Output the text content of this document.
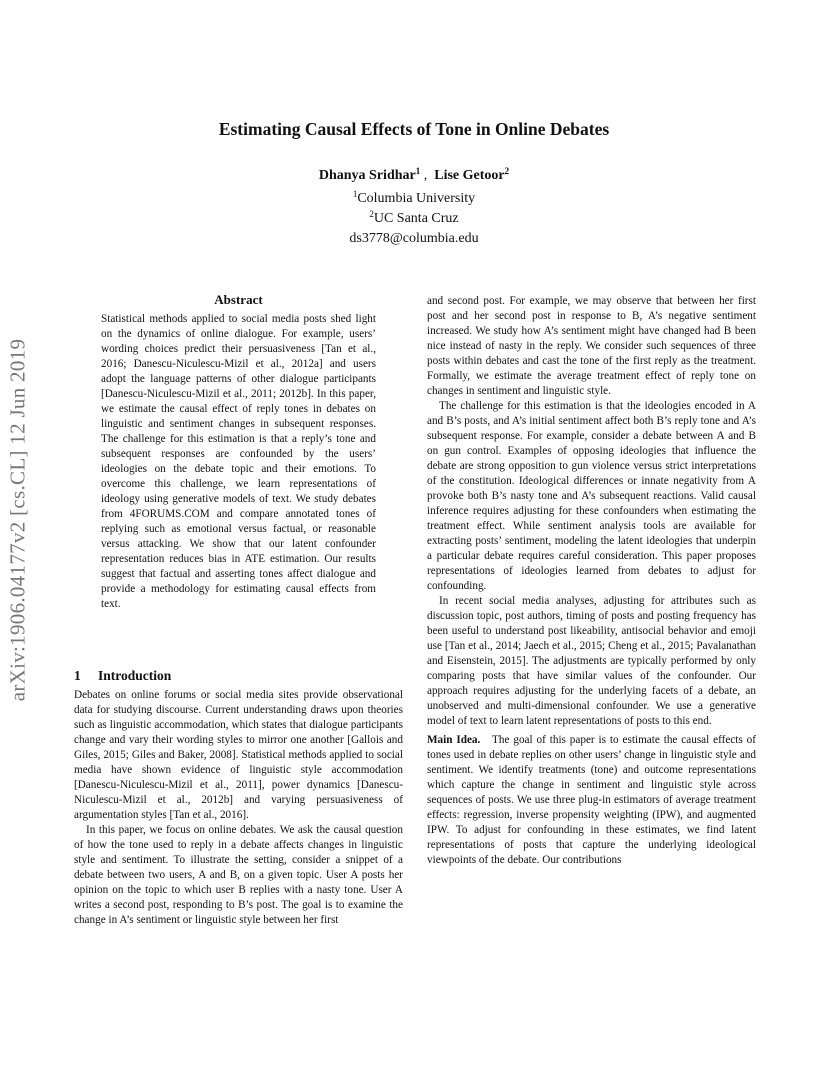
arXiv:1906.04177v2 [cs.CL] 12 Jun 2019
Estimating Causal Effects of Tone in Online Debates
Dhanya Sridhar$^1$ ,  Lise Getoor$^2$
$^1$Columbia University
$^2$UC Santa Cruz
ds3778@columbia.edu
Abstract

Statistical methods applied to social media posts shed light on the dynamics of online dialogue. For example, users’ wording choices predict their persuasiveness [Tan et al., 2016; Danescu-Niculescu-Mizil et al., 2012a] and users adopt the language patterns of other dialogue participants [Danescu-Niculescu-Mizil et al., 2011; 2012b]. In this paper, we estimate the causal effect of reply tones in debates on linguistic and sentiment changes in subsequent responses. The challenge for this estimation is that a reply’s tone and subsequent responses are confounded by the users’ ideologies on the debate topic and their emotions. To overcome this challenge, we learn representations of ideology using generative models of text. We study debates from 4FORUMS.COM and compare annotated tones of replying such as emotional versus factual, or reasonable versus attacking. We show that our latent confounder representation reduces bias in ATE estimation. Our results suggest that factual and asserting tones affect dialogue and provide a methodology for estimating causal effects from text.

1 Introduction

Debates on online forums or social media sites provide observational data for studying discourse. Current understanding draws upon theories such as linguistic accommodation, which states that dialogue participants change and vary their wording styles to mirror one another [Gallois and Giles, 2015; Giles and Baker, 2008]. Statistical methods applied to social media have shown evidence of linguistic style accommodation [Danescu-Niculescu-Mizil et al., 2011], power dynamics [Danescu-Niculescu-Mizil et al., 2012b] and varying persuasiveness of argumentation styles [Tan et al., 2016].

In this paper, we focus on online debates. We ask the causal question of how the tone used to reply in a debate affects changes in linguistic style and sentiment. To illustrate the setting, consider a snippet of a debate between two users, A and B, on a given topic. User A posts her opinion on the topic to which user B replies with a nasty tone. User A writes a second post, responding to B’s post. The goal is to examine the change in A’s sentiment or linguistic style between her first

and second post. For example, we may observe that between her first post and her second post in response to B, A’s negative sentiment increased. We study how A’s sentiment might have changed had B been nice instead of nasty in the reply. We consider such sequences of three posts within debates and cast the tone of the first reply as the treatment. Formally, we estimate the average treatment effect of reply tone on changes in sentiment and linguistic style.

The challenge for this estimation is that the ideologies encoded in A and B’s posts, and A’s initial sentiment affect both B’s reply tone and A’s subsequent response. For example, consider a debate between A and B on gun control. Examples of opposing ideologies that influence the debate are strong opposition to gun violence versus strict interpretations of the constitution. Ideological differences or innate negativity from A provoke both B’s nasty tone and A’s subsequent reactions. Valid causal inference requires adjusting for these confounders when estimating the treatment effect. While sentiment analysis tools are available for extracting posts’ sentiment, modeling the latent ideologies that underpin a particular debate requires careful consideration. This paper proposes representations of ideologies learned from debates to adjust for confounding.

In recent social media analyses, adjusting for attributes such as discussion topic, post authors, timing of posts and posting frequency has been useful to understand post likeability, antisocial behavior and emoji use [Tan et al., 2014; Jaech et al., 2015; Cheng et al., 2015; Pavalanathan and Eisenstein, 2015]. The adjustments are typically performed by only comparing posts that have similar values of the confounder. Our approach requires adjusting for the underlying facets of a debate, an unobserved and multi-dimensional confounder. We use a generative model of text to learn latent representations of posts to this end.

Main Idea. The goal of this paper is to estimate the causal effects of tones used in debate replies on other users’ change in linguistic style and sentiment. We identify treatments (tone) and outcome representations which capture the change in sentiment and linguistic style across sequences of posts. We use three plug-in estimators of average treatment effects: regression, inverse propensity weighting (IPW), and augmented IPW. To adjust for confounding in these estimates, we find latent representations of posts that capture the underlying ideological viewpoints of the debate. Our contributions
